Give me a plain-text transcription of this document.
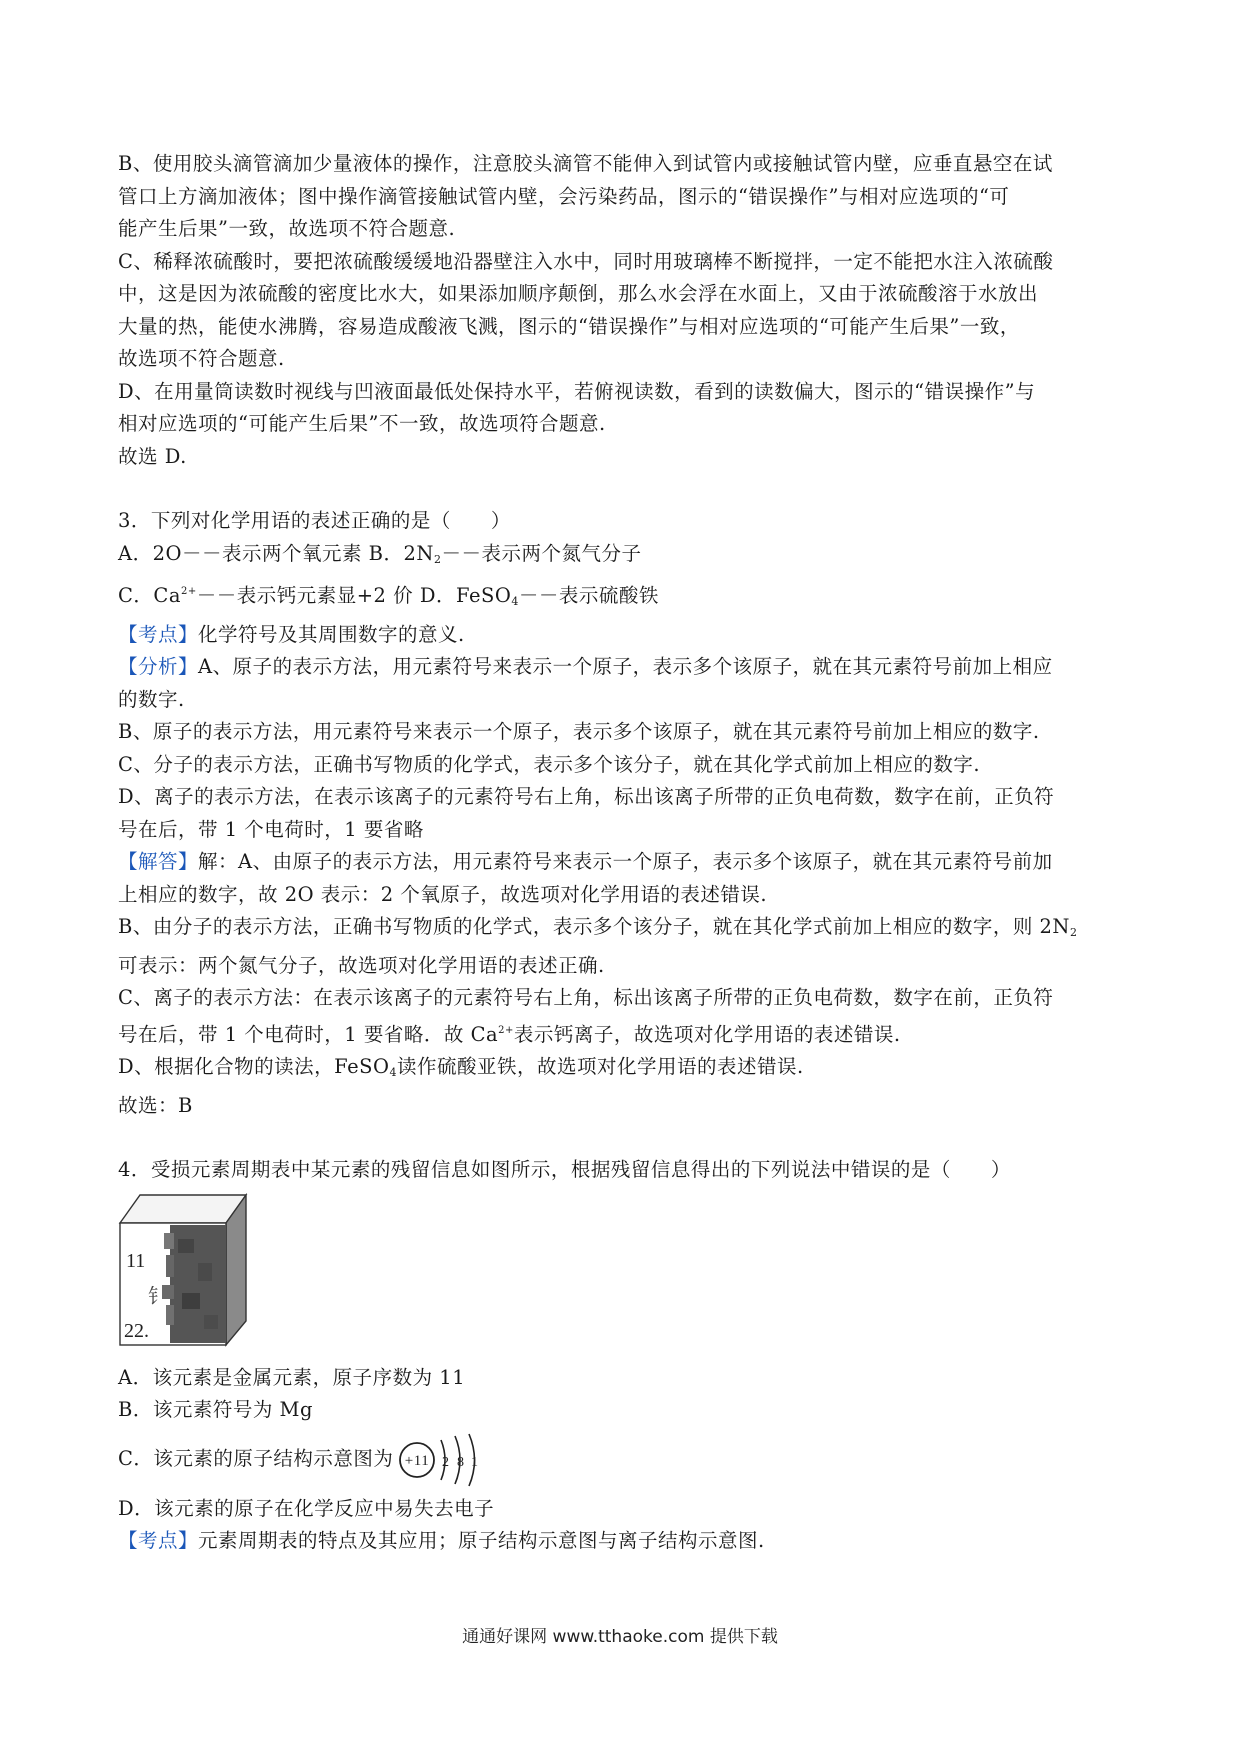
B、使用胶头滴管滴加少量液体的操作，注意胶头滴管不能伸入到试管内或接触试管内壁，应垂直悬空在试

管口上方滴加液体；图中操作滴管接触试管内壁，会污染药品，图示的“错误操作”与相对应选项的“可

能产生后果”一致，故选项不符合题意.

C、稀释浓硫酸时，要把浓硫酸缓缓地沿器壁注入水中，同时用玻璃棒不断搅拌，一定不能把水注入浓硫酸

中，这是因为浓硫酸的密度比水大，如果添加顺序颠倒，那么水会浮在水面上，又由于浓硫酸溶于水放出

大量的热，能使水沸腾，容易造成酸液飞溅，图示的“错误操作”与相对应选项的“可能产生后果”一致，

故选项不符合题意.

D、在用量筒读数时视线与凹液面最低处保持水平，若俯视读数，看到的读数偏大，图示的“错误操作”与

相对应选项的“可能产生后果”不一致，故选项符合题意.

故选 D.

3．下列对化学用语的表述正确的是（　　）

A．2O－－表示两个氧元素 B．$2N_2--$表示两个氮气分子

C．$Ca^{2+}--$表示钙元素显+2 价 D．FeSO$_4$－－表示硫酸铁

【考点】化学符号及其周围数字的意义.

【分析】A、原子的表示方法，用元素符号来表示一个原子，表示多个该原子，就在其元素符号前加上相应

的数字.

B、原子的表示方法，用元素符号来表示一个原子，表示多个该原子，就在其元素符号前加上相应的数字.

C、分子的表示方法，正确书写物质的化学式，表示多个该分子，就在其化学式前加上相应的数字.

D、离子的表示方法，在表示该离子的元素符号右上角，标出该离子所带的正负电荷数，数字在前，正负符

号在后，带 1 个电荷时，1 要省略

【解答】解：A、由原子的表示方法，用元素符号来表示一个原子，表示多个该原子，就在其元素符号前加

上相应的数字，故 2O 表示：2 个氧原子，故选项对化学用语的表述错误.

B、由分子的表示方法，正确书写物质的化学式，表示多个该分子，就在其化学式前加上相应的数字，则 $2N_2$

可表示：两个氮气分子，故选项对化学用语的表述正确.

C、离子的表示方法：在表示该离子的元素符号右上角，标出该离子所带的正负电荷数，数字在前，正负符

号在后，带 1 个电荷时，1 要省略．故 $Ca^{2+}$表示钙离子，故选项对化学用语的表述错误.

D、根据化合物的读法，FeSO$_4$读作硫酸亚铁，故选项对化学用语的表述错误.

故选：B

4．受损元素周期表中某元素的残留信息如图所示，根据残留信息得出的下列说法中错误的是（　　）

11
钅
22.

A．该元素是金属元素，原子序数为 11

B．该元素符号为 Mg

C．该元素的原子结构示意图为 +11 2 8 1

D．该元素的原子在化学反应中易失去电子

【考点】元素周期表的特点及其应用；原子结构示意图与离子结构示意图.

通通好课网 www.tthaoke.com 提供下载
